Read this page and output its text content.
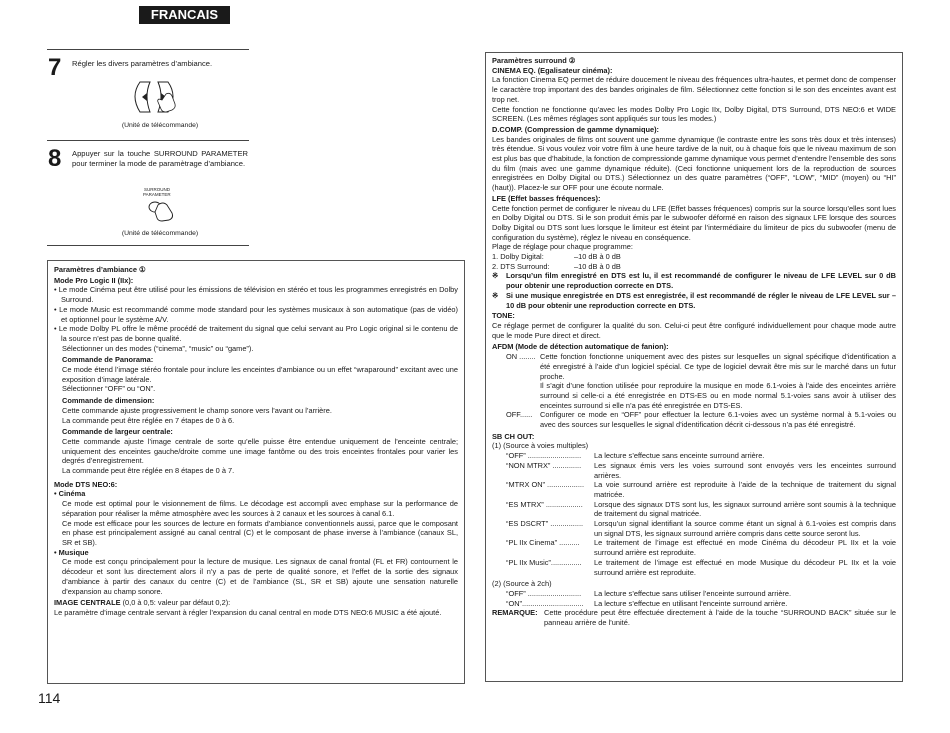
FRANCAIS
7 Régler les divers paramètres d’ambiance.
(Unité de télécommande)
8 Appuyer sur la touche SURROUND PARAMETER pour terminer la mode de paramètrage d’ambiance.
SURROUND
PARAMETER
(Unité de télécommande)

Paramètres d’ambiance ①

Mode Pro Logic II (IIx):

• Le mode Cinéma peut être utilisé pour les émissions de télévision en stéréo et tous les programmes enregistrés en Dolby Surround.

• Le mode Music est recommandé comme mode standard pour les systèmes musicaux à son automatique (pas de vidéo) et optionnel pour le système A/V.

• Le mode Dolby PL offre le même procédé de traitement du signal que celui servant au Pro Logic original si le contenu de la source n’est pas de bonne qualité.

Sélectionner un des modes (“cinema”, “music” ou “game”).

Commande de Panorama:

Ce mode étend l’image stéréo frontale pour inclure les enceintes d’ambiance ou un effet “wraparound” excitant avec une exposition d’image latérale.

Sélectionner “OFF” ou “ON”.

Commande de dimension:

Cette commande ajuste progressivement le champ sonore vers l’avant ou l’arrière.

La commande peut être réglée en 7 étapes de 0 à 6.

Commande de largeur centrale:

Cette commande ajuste l’image centrale de sorte qu’elle puisse être entendue uniquement de l’enceinte centrale; uniquement des enceintes gauche/droite comme une image fantôme ou des trois enceintes frontales pour varier les degrés d’enregistrement.

La commande peut être réglée en 8 étapes de 0 à 7.

Mode DTS NEO:6:

• Cinéma

Ce mode est optimal pour le visionnement de films. Le décodage est accompli avec emphase sur la performance de séparation pour réaliser la même atmosphère avec les sources à 2 canaux et les sources à canal 6.1.

Ce mode est efficace pour les sources de lecture en formats d’ambiance conventionnels aussi, parce que le composant en phase est principalement assigné au canal central (C) et le composant de phase inverse à l’ambiance (canaux SL, SR et SB).

• Musique

Ce mode est conçu principalement pour la lecture de musique. Les signaux de canal frontal (FL et FR) contournent le décodeur et sont lus directement alors il n’y a pas de perte de qualité sonore, et l’effet de la sortie des signaux d’ambiance à partir des canaux du centre (C) et de l’ambiance (SL, SR et SB) ajoute une sensation naturelle d’expansion au champ sonore.

IMAGE CENTRALE (0,0 à 0,5: valeur par défaut 0,2):

Le paramètre d’image centrale servant à régler l’expansion du canal central en mode DTS NEO:6 MUSIC a été ajouté.

Paramètres surround ②

CINEMA EQ. (Egalisateur cinéma):

La fonction Cinema EQ permet de réduire doucement le niveau des fréquences ultra-hautes, et permet donc de compenser le caractère trop important des des bandes originales de film. Sélectionnez cette fonction si le son des enceintes avant est trop net.

Cette fonction ne fonctionne qu’avec les modes Dolby Pro Logic IIx, Dolby Digital, DTS Surround, DTS NEO:6 et WIDE SCREEN. (Les mêmes réglages sont appliqués sur tous les modes.)

D.COMP. (Compression de gamme dynamique):

Les bandes originales de films ont souvent une gamme dynamique (le contraste entre les sons très doux et très intenses) très étendue. Si vous voulez voir votre film à une heure tardive de la nuit, ou à chaque fois que le niveau maximum de son est plus bas que d’habitude, la fonction de compressionde gamme dynamique vous permet d’entendre l’ensemble des sons du film (mais avec une gamme dynamique réduite). (Ceci fonctionne uniquement lors de la reproduction de sources enregistrées en Dolby Digital ou DTS.) Sélectionnez un des quatre paramètres (“OFF”, “LOW”, “MID” (moyen) ou “HI” (haut)). Placez-le sur OFF pour une écoute normale.

LFE (Effet basses fréquences):

Cette fonction permet de configurer le niveau du LFE (Effet basses fréquences) compris sur la source lorsqu’elles sont lues en Dolby Digital ou DTS. Si le son produit émis par le subwoofer déformé en raison des signaux LFE lorsque des sources Dolby Digital ou DTS sont lues lorsque le limiteur est éteint par l’intermédiaire du limiteur de pics du subwoofer (menu de configuration du système), réglez le niveau en conséquence.

Plage de réglage pour chaque programme:

1. Dolby Digital:	–10 dB à 0 dB
2. DTS Surround:	–10 dB à 0 dB
※	Lorsqu’un film enregistré en DTS est lu, il est recommandé de configurer le niveau de LFE LEVEL sur 0 dB pour obtenir une reproduction correcte en DTS.
※	Si une musique enregistrée en DTS est enregistrée, il est recommandé de régler le niveau de LFE LEVEL sur –10 dB pour obtenir une reproduction correcte en DTS.

TONE:

Ce réglage permet de configurer la qualité du son. Celui-ci peut être configuré individuellement pour chaque mode autre que le mode Pure direct et direct.

AFDM (Mode de détection automatique de fanion):

ON ........ Cette fonction fonctionne uniquement avec des pistes sur lesquelles un signal spécifique d’identification a été enregistré à l’aide d’un logiciel spécial. Ce type de logiciel devrait être mis sur le marché dans un futur proche.
Il s’agit d’une fonction utilisée pour reproduire la musique en mode 6.1-voies à l’aide des enceintes arrière surround si celle-ci a été enregistrée en DTS-ES ou en mode normal 5.1-voies sans avoir à utiliser des enceintes surround si elle n’a pas été enregistrée en DTS-ES.
OFF......	Configurer ce mode en “OFF” pour effectuer la lecture 6.1-voies avec un système normal à 5.1-voies ou avec des sources sur lesquelles le signal d’identification décrit ci-dessous n’a pas été enregistré.

SB CH OUT:

(1) (Source à voies multiples)

“OFF” ..........................	La lecture s’effectue sans enceinte surround arrière.
“NON MTRX” ..............	Les signaux émis vers les voies surround sont envoyés vers les enceintes surround arrières.
“MTRX ON” ..................	La voie surround arrière est reproduite à l’aide de la technique de traitement du signal matricée.
“ES MTRX” ..................	Lorsque des signaux DTS sont lus, les signaux surround arrière sont soumis à la technique de traitement du signal matricée.
“ES DSCRT” ................	Lorsqu’un signal identifiant la source comme étant un signal à 6.1-voies est compris dans un signal DTS, les signaux surround arrière compris dans cette source seront lus.
“PL IIx Cinema” ..........	Le traitement de l’image est effectué en mode Cinéma du décodeur PL IIx et la voie surround arrière est reproduite.
“PL IIx Music”...............	Le traitement de l’image est effectué en mode Musique du décodeur PL IIx et la voie surround arrière est reproduite.

(2) (Source à 2ch)

“OFF” ..........................	La lecture s’effectue sans utiliser l’enceinte surround arrière.
“ON”..............................	La lecture s’effectue en utilisant l’enceinte surround arrière.
REMARQUE: Cette procédure peut être effectuée directement à l’aide de la touche “SURROUND BACK” située sur le panneau arrière de l’unité.
114
